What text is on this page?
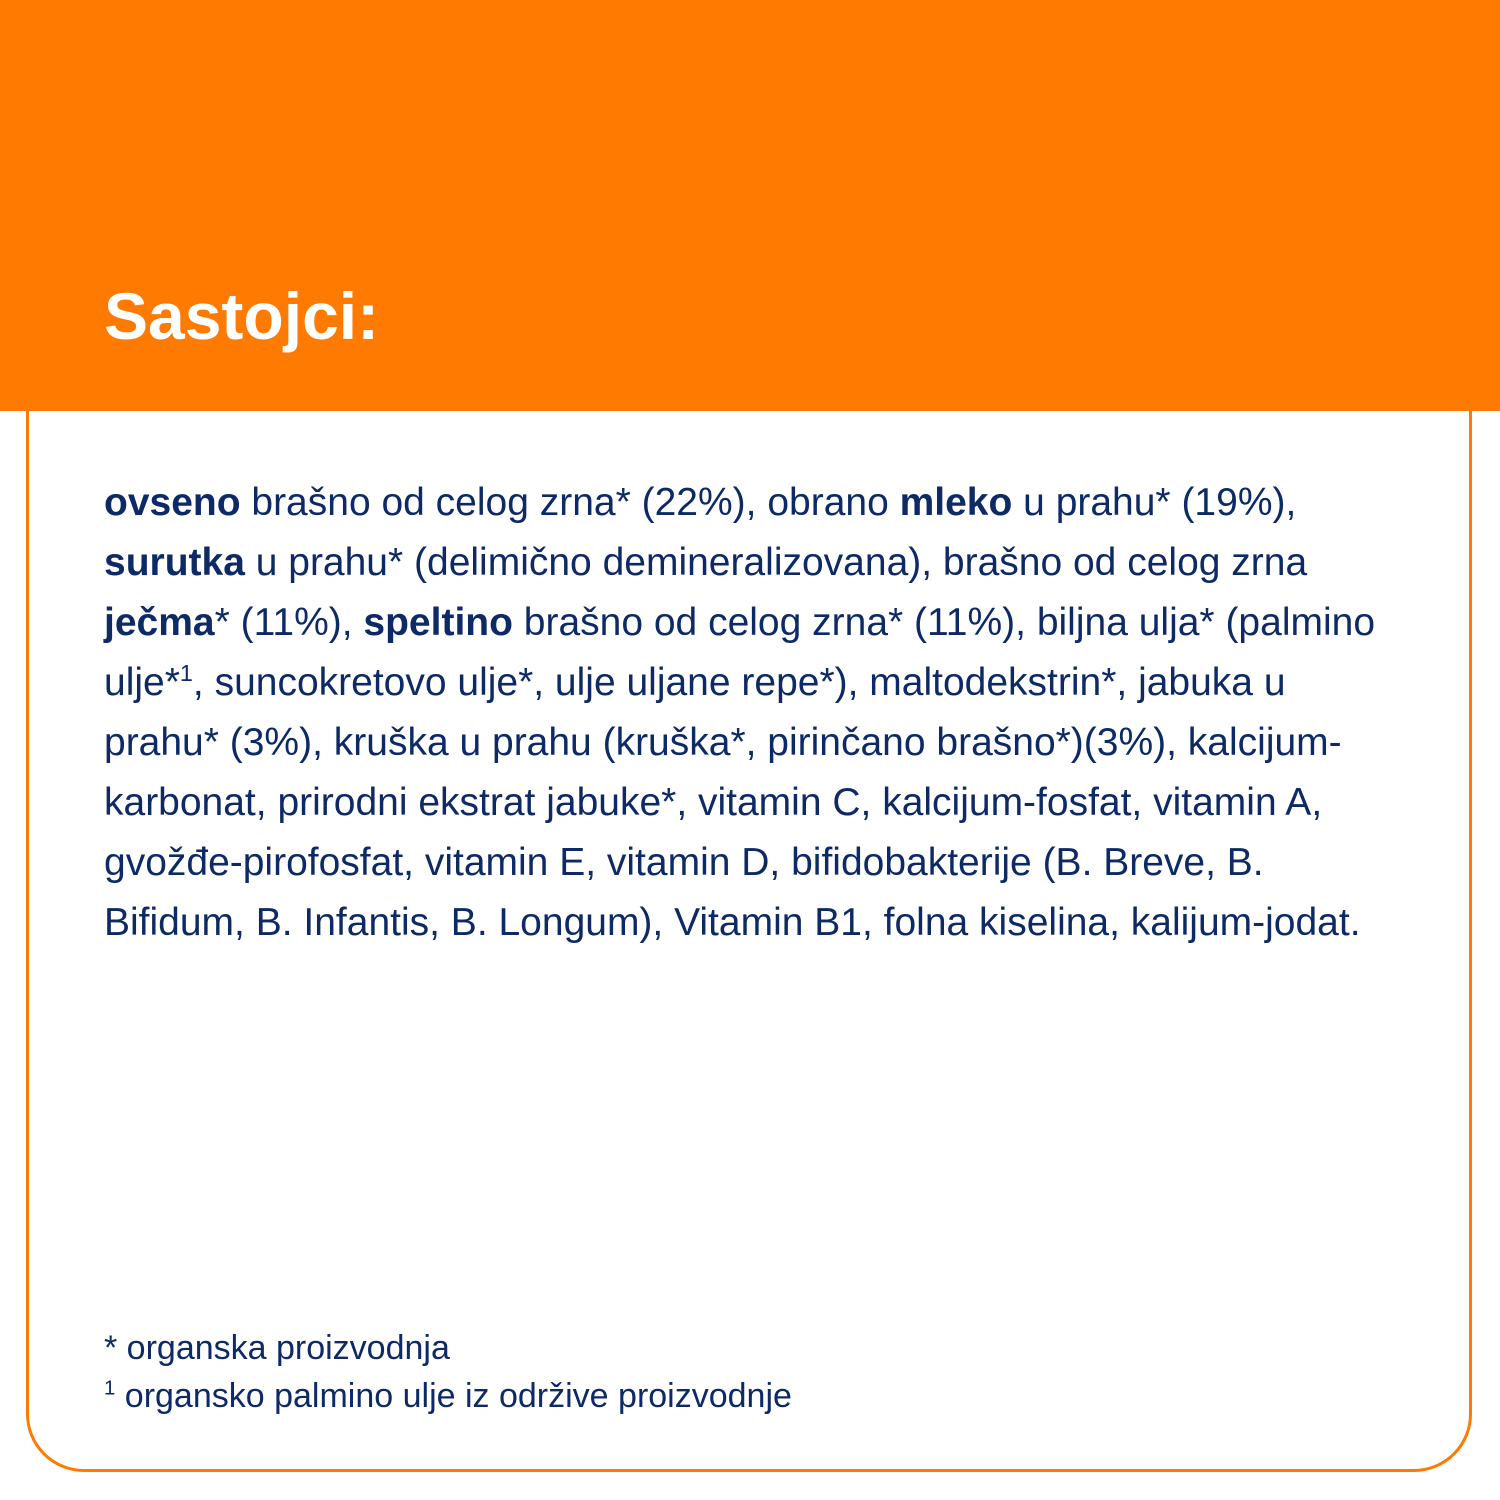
Sastojci:

ovseno brašno od celog zrna* (22%), obrano mleko u prahu* (19%), surutka u prahu* (delimično demineralizovana), brašno od celog zrna ječma* (11%), speltino brašno od celog zrna* (11%), biljna ulja* (palmino ulje*$^1$, suncokretovo ulje*, ulje uljane repe*), maltodekstrin*, jabuka u prahu* (3%), kruška u prahu (kruška*, pirinčano brašno*)(3%), kalcijum-karbonat, prirodni ekstrat jabuke*, vitamin C, kalcijum-fosfat, vitamin A, gvožđe-pirofosfat, vitamin E, vitamin D, bifidobakterije (B. Breve, B. Bifidum, B. Infantis, B. Longum), Vitamin B1, folna kiselina, kalijum-jodat.

* organska proizvodnja
$^1$ organsko palmino ulje iz održive proizvodnje
